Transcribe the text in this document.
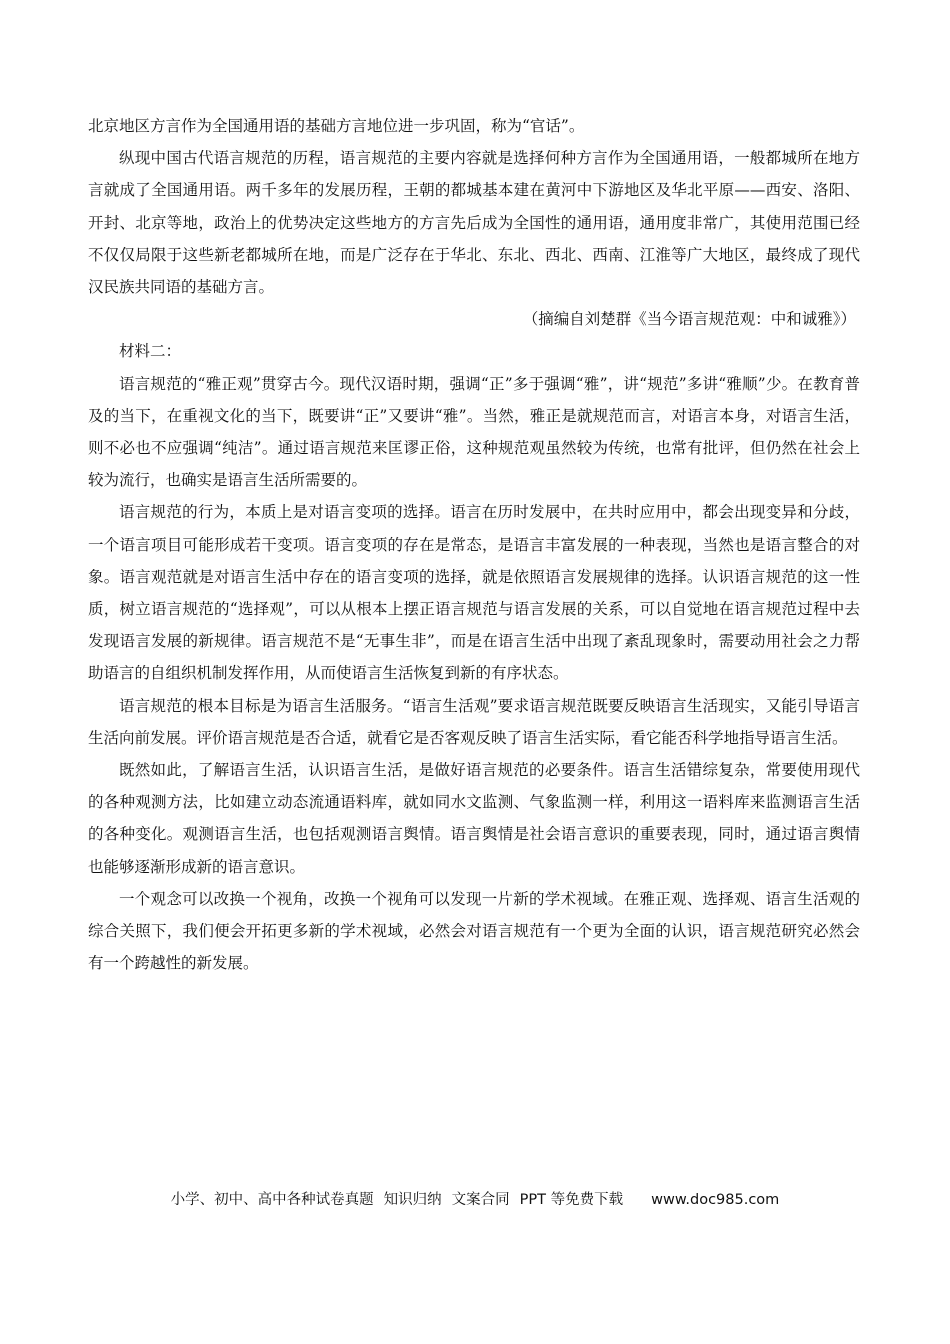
北京地区方言作为全国通用语的基础方言地位进一步巩固，称为“官话”。

纵现中国古代语言规范的历程，语言规范的主要内容就是选择何种方言作为全国通用语，一般都城所在地方言就成了全国通用语。两千多年的发展历程，王朝的都城基本建在黄河中下游地区及华北平原——西安、洛阳、开封、北京等地，政治上的优势决定这些地方的方言先后成为全国性的通用语，通用度非常广，其使用范围已经不仅仅局限于这些新老都城所在地，而是广泛存在于华北、东北、西北、西南、江淮等广大地区，最终成了现代汉民族共同语的基础方言。

（摘编自刘楚群《当今语言规范观：中和诚雅》）

材料二：

语言规范的“雅正观”贯穿古今。现代汉语时期，强调“正”多于强调“雅”，讲“规范”多讲“雅顺”少。在教育普及的当下，在重视文化的当下，既要讲“正”又要讲“雅”。当然，雅正是就规范而言，对语言本身，对语言生活，则不必也不应强调“纯洁”。通过语言规范来匡谬正俗，这种规范观虽然较为传统，也常有批评，但仍然在社会上较为流行，也确实是语言生活所需要的。

语言规范的行为，本质上是对语言变项的选择。语言在历时发展中，在共时应用中，都会出现变异和分歧，一个语言项目可能形成若干变项。语言变项的存在是常态，是语言丰富发展的一种表现，当然也是语言整合的对象。语言观范就是对语言生活中存在的语言变项的选择，就是依照语言发展规律的选择。认识语言规范的这一性质，树立语言规范的“选择观”，可以从根本上摆正语言规范与语言发展的关系，可以自觉地在语言规范过程中去发现语言发展的新规律。语言规范不是“无事生非”，而是在语言生活中出现了紊乱现象时，需要动用社会之力帮助语言的自组织机制发挥作用，从而使语言生活恢复到新的有序状态。

语言规范的根本目标是为语言生活服务。“语言生活观”要求语言规范既要反映语言生活现实，又能引导语言生活向前发展。评价语言规范是否合适，就看它是否客观反映了语言生活实际，看它能否科学地指导语言生活。

既然如此，了解语言生活，认识语言生活，是做好语言规范的必要条件。语言生活错综复杂，常要使用现代的各种观测方法，比如建立动态流通语料库，就如同水文监测、气象监测一样，利用这一语料库来监测语言生活的各种变化。观测语言生活，也包括观测语言舆情。语言舆情是社会语言意识的重要表现，同时，通过语言舆情也能够逐渐形成新的语言意识。

一个观念可以改换一个视角，改换一个视角可以发现一片新的学术视域。在雅正观、选择观、语言生活观的综合关照下，我们便会开拓更多新的学术视域，必然会对语言规范有一个更为全面的认识，语言规范研究必然会有一个跨越性的新发展。

小学、初中、高中各种试卷真题 知识归纳 文案合同 PPT 等免费下载 www.doc985.com
